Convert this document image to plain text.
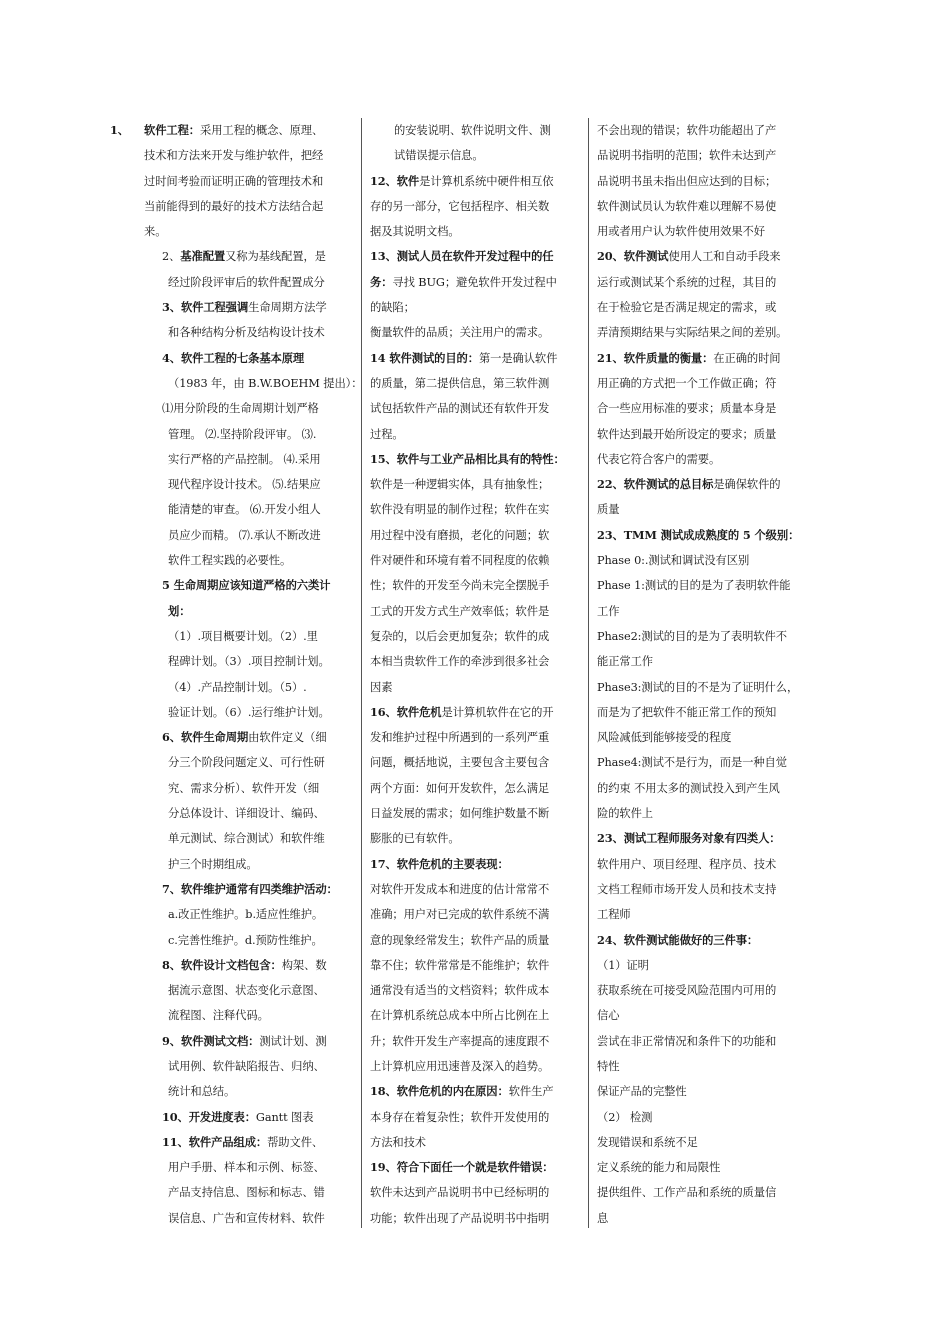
1、 软件工程：采用工程的概念、原理、
技术和方法来开发与维护软件，把经
过时间考验而证明正确的管理技术和
当前能得到的最好的技术方法结合起
来。
2、基准配置又称为基线配置，是
经过阶段评审后的软件配置成分
3、软件工程强调生命周期方法学
和各种结构分析及结构设计技术
4、软件工程的七条基本原理
（1983 年，由 B.W.BOEHM 提出）：
⑴用分阶段的生命周期计划严格
管理。 ⑵.坚持阶段评审。 ⑶.
实行严格的产品控制。 ⑷.采用
现代程序设计技术。 ⑸.结果应
能清楚的审查。 ⑹.开发小组人
员应少而精。 ⑺.承认不断改进
软件工程实践的必要性。
5 生命周期应该知道严格的六类计
划：
（1）.项目概要计划。（2）.里
程碑计划。（3）.项目控制计划。
（4）.产品控制计划。（5）.
验证计划。（6）.运行维护计划。
6、软件生命周期由软件定义（细
分三个阶段问题定义、可行性研
究、需求分析）、软件开发（细
分总体设计、详细设计、编码、
单元测试、综合测试）和软件维
护三个时期组成。
7、软件维护通常有四类维护活动：
a.改正性维护。b.适应性维护。
c.完善性维护。d.预防性维护。
8、软件设计文档包含：构架、数
据流示意图、状态变化示意图、
流程图、注释代码。
9、软件测试文档：测试计划、测
试用例、软件缺陷报告、归纳、
统计和总结。
10、开发进度表：Gantt 图表
11、软件产品组成：帮助文件、
用户手册、样本和示例、标签、
产品支持信息、图标和标志、错
误信息、广告和宣传材料、软件
的安装说明、软件说明文件、测
试错误提示信息。
12、软件是计算机系统中硬件相互依
存的另一部分，它包括程序、相关数
据及其说明文档。
13、测试人员在软件开发过程中的任
务：寻找 BUG；避免软件开发过程中
的缺陷；
衡量软件的品质；关注用户的需求。
14 软件测试的目的：第一是确认软件
的质量，第二提供信息，第三软件测
试包括软件产品的测试还有软件开发
过程。
15、软件与工业产品相比具有的特性：
软件是一种逻辑实体，具有抽象性；
软件没有明显的制作过程；软件在实
用过程中没有磨损，老化的问题；软
件对硬件和环境有着不同程度的依赖
性；软件的开发至今尚未完全摆脱手
工式的开发方式生产效率低；软件是
复杂的，以后会更加复杂；软件的成
本相当贵软件工作的牵涉到很多社会
因素
16、软件危机是计算机软件在它的开
发和维护过程中所遇到的一系列严重
问题，概括地说，主要包含主要包含
两个方面：如何开发软件，怎么满足
日益发展的需求；如何维护数量不断
膨胀的已有软件。
17、软件危机的主要表现：
对软件开发成本和进度的估计常常不
准确；用户对已完成的软件系统不满
意的现象经常发生；软件产品的质量
靠不住；软件常常是不能维护；软件
通常没有适当的文档资料；软件成本
在计算机系统总成本中所占比例在上
升；软件开发生产率提高的速度跟不
上计算机应用迅速普及深入的趋势。
18、软件危机的内在原因：软件生产
本身存在着复杂性；软件开发使用的
方法和技术
19、符合下面任一个就是软件错误：
软件未达到产品说明书中已经标明的
功能；软件出现了产品说明书中指明
不会出现的错误；软件功能超出了产
品说明书指明的范围；软件未达到产
品说明书虽未指出但应达到的目标；
软件测试员认为软件难以理解不易使
用或者用户认为软件使用效果不好
20、软件测试使用人工和自动手段来
运行或测试某个系统的过程，其目的
在于检验它是否满足规定的需求，或
弄清预期结果与实际结果之间的差别。
21、软件质量的衡量：在正确的时间
用正确的方式把一个工作做正确；符
合一些应用标准的要求；质量本身是
软件达到最开始所设定的要求；质量
代表它符合客户的需要。
22、软件测试的总目标是确保软件的
质量
23、TMM 测试成成熟度的 5 个级别：
Phase 0:.测试和调试没有区别
Phase 1:测试的目的是为了表明软件能
工作
Phase2:测试的目的是为了表明软件不
能正常工作
Phase3:测试的目的不是为了证明什么，
而是为了把软件不能正常工作的预知
风险减低到能够接受的程度
Phase4:测试不是行为，而是一种自觉
的约束 不用太多的测试投入到产生风
险的软件上
23、测试工程师服务对象有四类人：
软件用户、项目经理、程序员、技术
文档工程师市场开发人员和技术支持
工程师
24、软件测试能做好的三件事：
（1）证明
获取系统在可接受风险范围内可用的
信心
尝试在非正常情况和条件下的功能和
特性
保证产品的完整性
（2） 检测
发现错误和系统不足
定义系统的能力和局限性
提供组件、工作产品和系统的质量信
息
